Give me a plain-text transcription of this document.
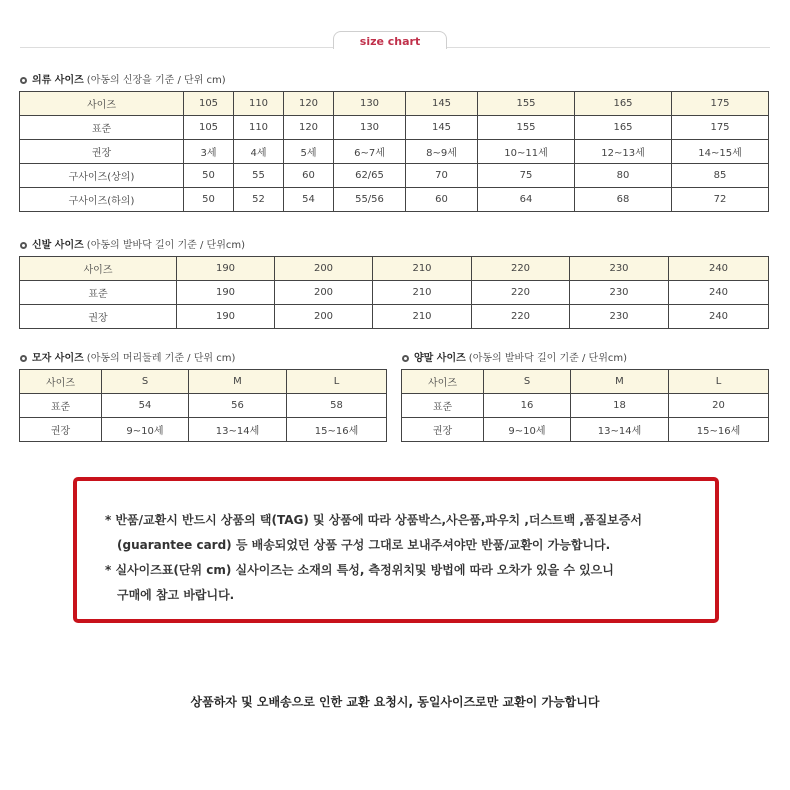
size chart
의류 사이즈 (아동의 신장을 기준 / 단위 cm)
사이즈	105	110	120	130	145	155	165	175
표준	105	110	120	130	145	155	165	175
권장	3세	4세	5세	6~7세	8~9세	10~11세	12~13세	14~15세
구사이즈(상의)	50	55	60	62/65	70	75	80	85
구사이즈(하의)	50	52	54	55/56	60	64	68	72
신발 사이즈 (아동의 발바닥 길이 기준 / 단위cm)
사이즈	190	200	210	220	230	240
표준	190	200	210	220	230	240
권장	190	200	210	220	230	240
모자 사이즈 (아동의 머리둘레 기준 / 단위 cm)
사이즈	S	M	L
표준	54	56	58
권장	9~10세	13~14세	15~16세
양말 사이즈 (아동의 발바닥 길이 기준 / 단위cm)
사이즈	S	M	L
표준	16	18	20
권장	9~10세	13~14세	15~16세
* 반품/교환시 반드시 상품의 택(TAG) 및 상품에 따라 상품박스,사은품,파우치 ,더스트백 ,품질보증서
(guarantee card) 등 배송되었던 상품 구성 그대로 보내주셔야만 반품/교환이 가능합니다.
* 실사이즈표(단위 cm) 실사이즈는 소재의 특성, 측정위치및 방법에 따라 오차가 있을 수 있으니
구매에 참고 바랍니다.
상품하자 및 오배송으로 인한 교환 요청시, 동일사이즈로만 교환이 가능합니다
